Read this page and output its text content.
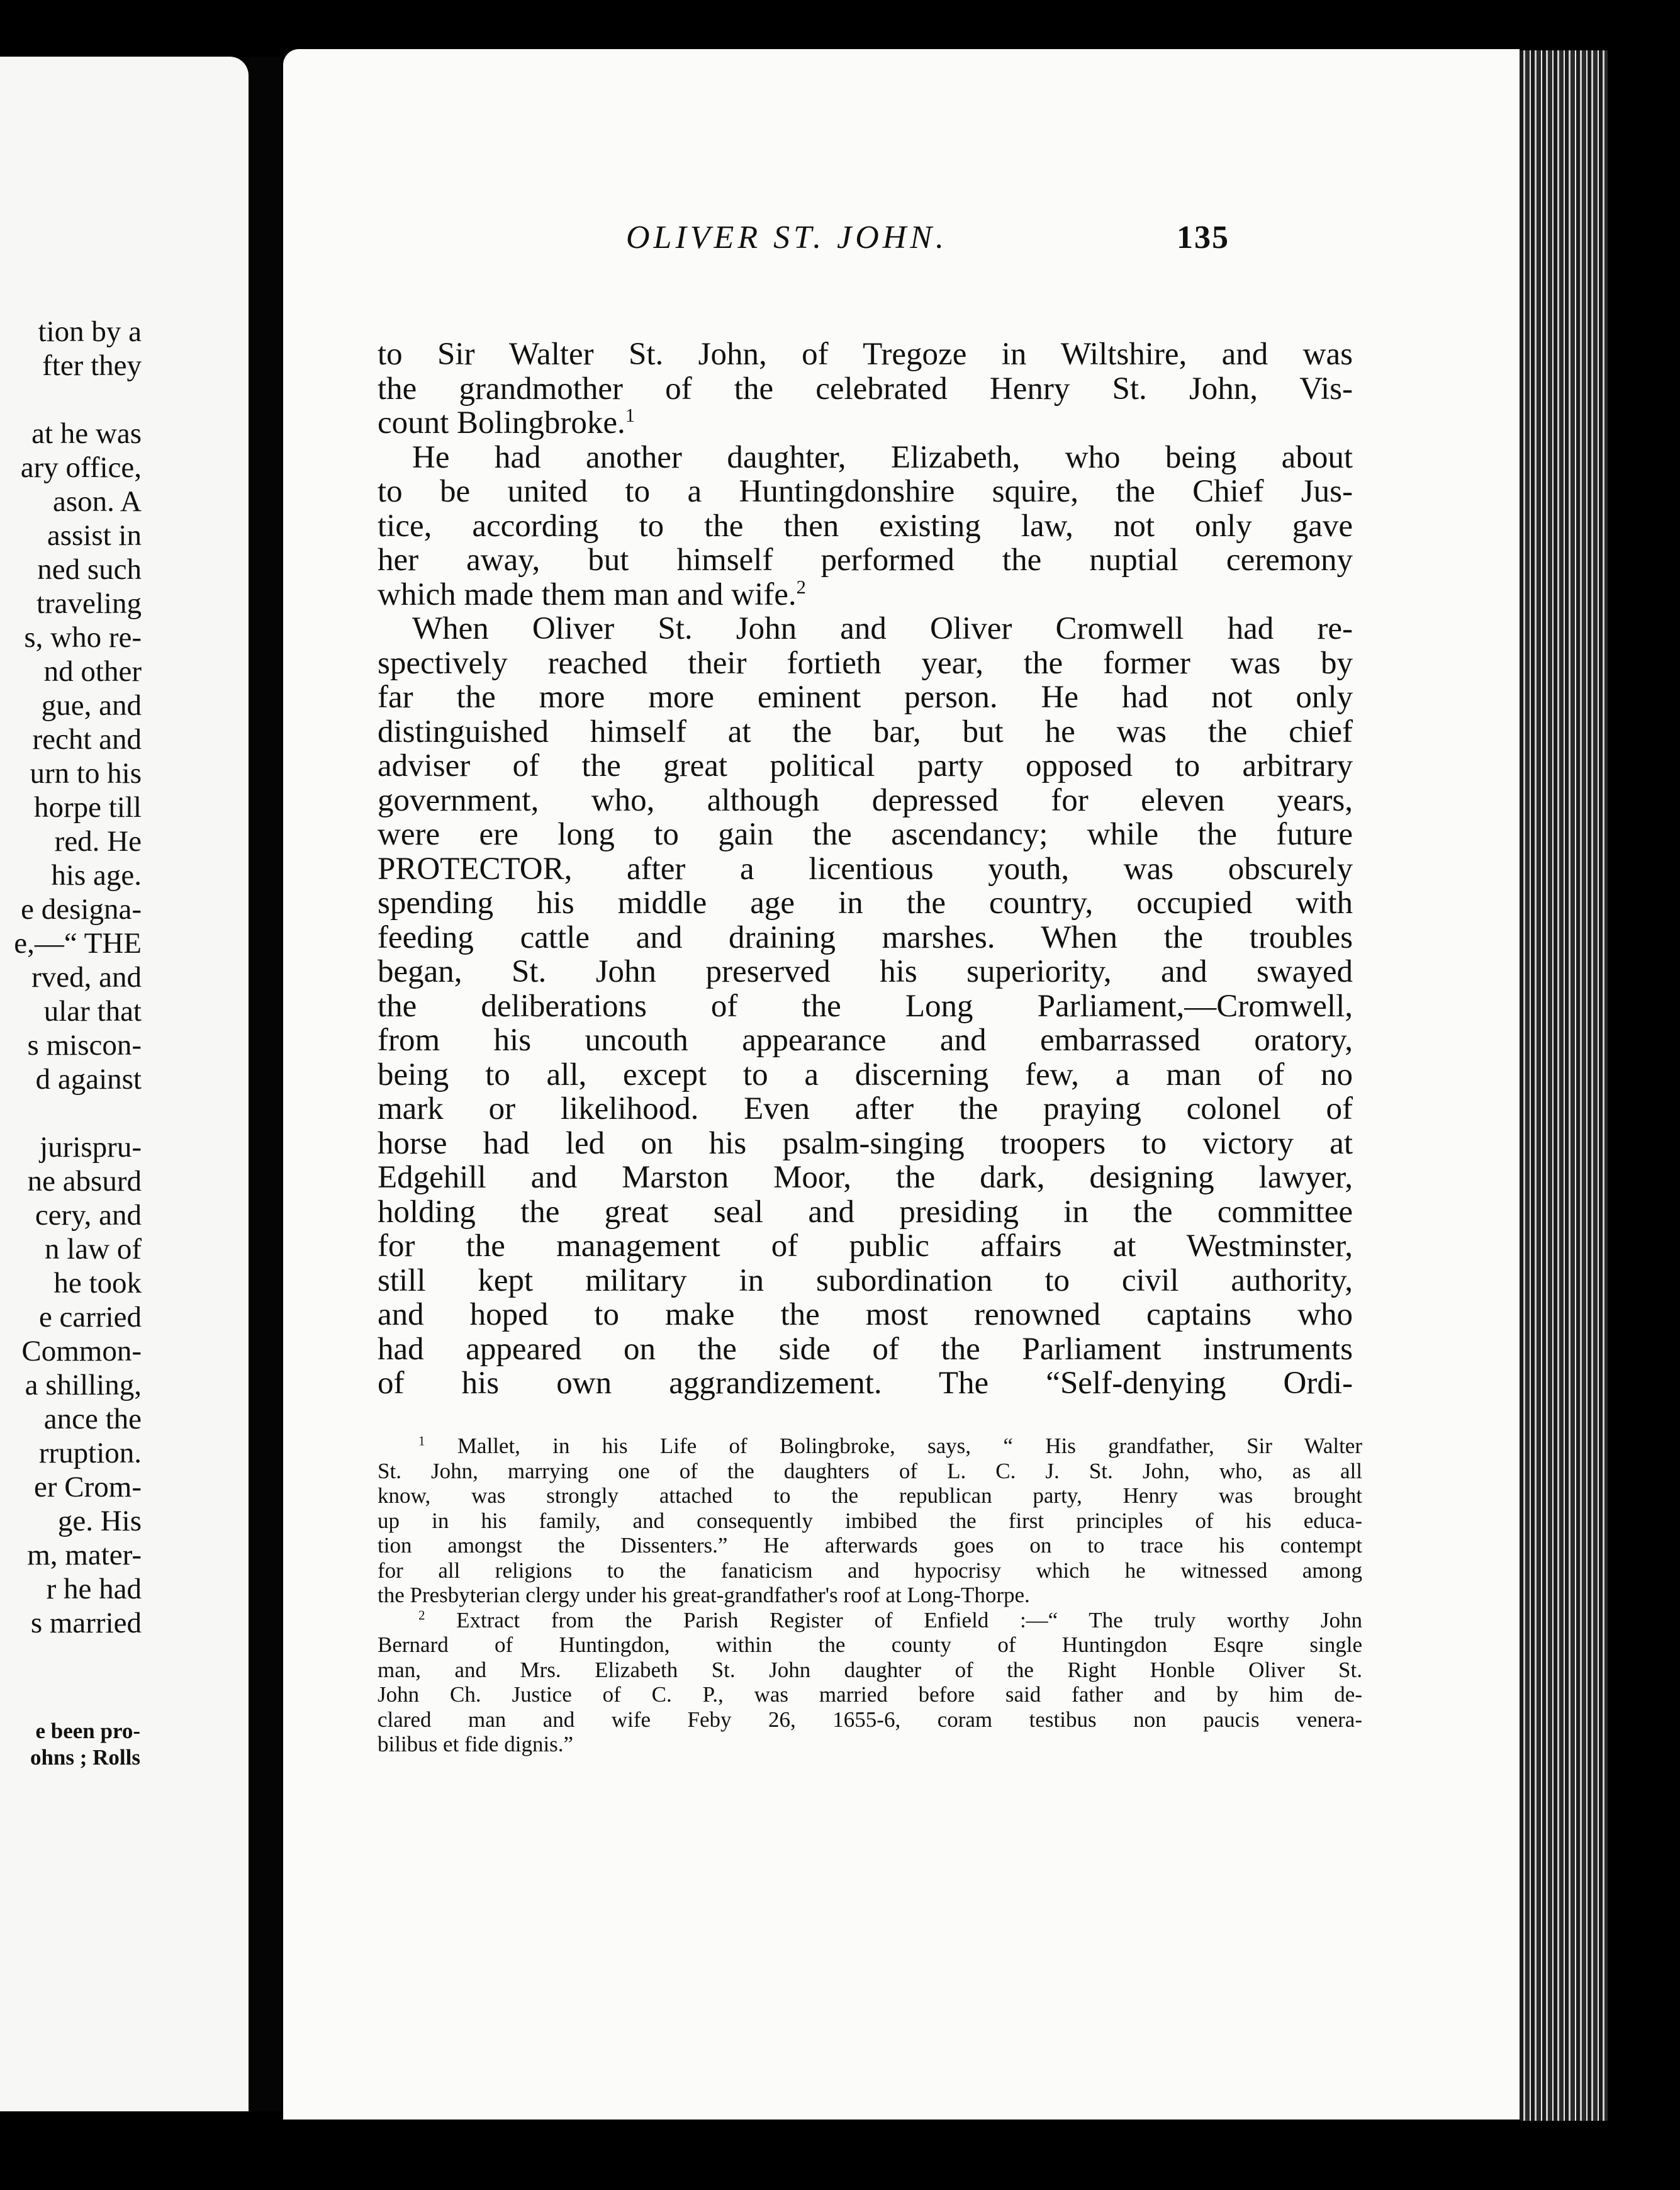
tion by a
fter they

at he was
ary office,
ason. A
assist in
ned such
traveling
s, who re-
nd other
gue, and
recht and
urn to his
horpe till
red. He
his age.
e designa-
e,—“ THE
rved, and
ular that
s miscon-
d against

jurispru-
ne absurd
cery, and
n law of
he took
e carried
Common-
a shilling,
ance the
rruption.
er Crom-
ge. His
m, mater-
r he had
s married
e been pro-
ohns ; Rolls
OLIVER ST. JOHN.	135
to Sir Walter St. John, of Tregoze in Wiltshire, and was
the grandmother of the celebrated Henry St. John, Vis-
count Bolingbroke.$^1$
He had another daughter, Elizabeth, who being about
to be united to a Huntingdonshire squire, the Chief Jus-
tice, according to the then existing law, not only gave
her away, but himself performed the nuptial ceremony
which made them man and wife.$^2$
When Oliver St. John and Oliver Cromwell had re-
spectively reached their fortieth year, the former was by
far the more more eminent person. He had not only
distinguished himself at the bar, but he was the chief
adviser of the great political party opposed to arbitrary
government, who, although depressed for eleven years,
were ere long to gain the ascendancy; while the future
PROTECTOR, after a licentious youth, was obscurely
spending his middle age in the country, occupied with
feeding cattle and draining marshes. When the troubles
began, St. John preserved his superiority, and swayed
the deliberations of the Long Parliament,—Cromwell,
from his uncouth appearance and embarrassed oratory,
being to all, except to a discerning few, a man of no
mark or likelihood. Even after the praying colonel of
horse had led on his psalm-singing troopers to victory at
Edgehill and Marston Moor, the dark, designing lawyer,
holding the great seal and presiding in the committee
for the management of public affairs at Westminster,
still kept military in subordination to civil authority,
and hoped to make the most renowned captains who
had appeared on the side of the Parliament instruments
of his own aggrandizement. The “Self-denying Ordi-
$^1$ Mallet, in his Life of Bolingbroke, says, “ His grandfather, Sir Walter
St. John, marrying one of the daughters of L. C. J. St. John, who, as all
know, was strongly attached to the republican party, Henry was brought
up in his family, and consequently imbibed the first principles of his educa-
tion amongst the Dissenters.” He afterwards goes on to trace his contempt
for all religions to the fanaticism and hypocrisy which he witnessed among
the Presbyterian clergy under his great-grandfather's roof at Long-Thorpe.
$^2$ Extract from the Parish Register of Enfield :—“ The truly worthy John
Bernard of Huntingdon, within the county of Huntingdon Esqre single
man, and Mrs. Elizabeth St. John daughter of the Right Honble Oliver St.
John Ch. Justice of C. P., was married before said father and by him de-
clared man and wife Feby 26, 1655-6, coram testibus non paucis venera-
bilibus et fide dignis.”
